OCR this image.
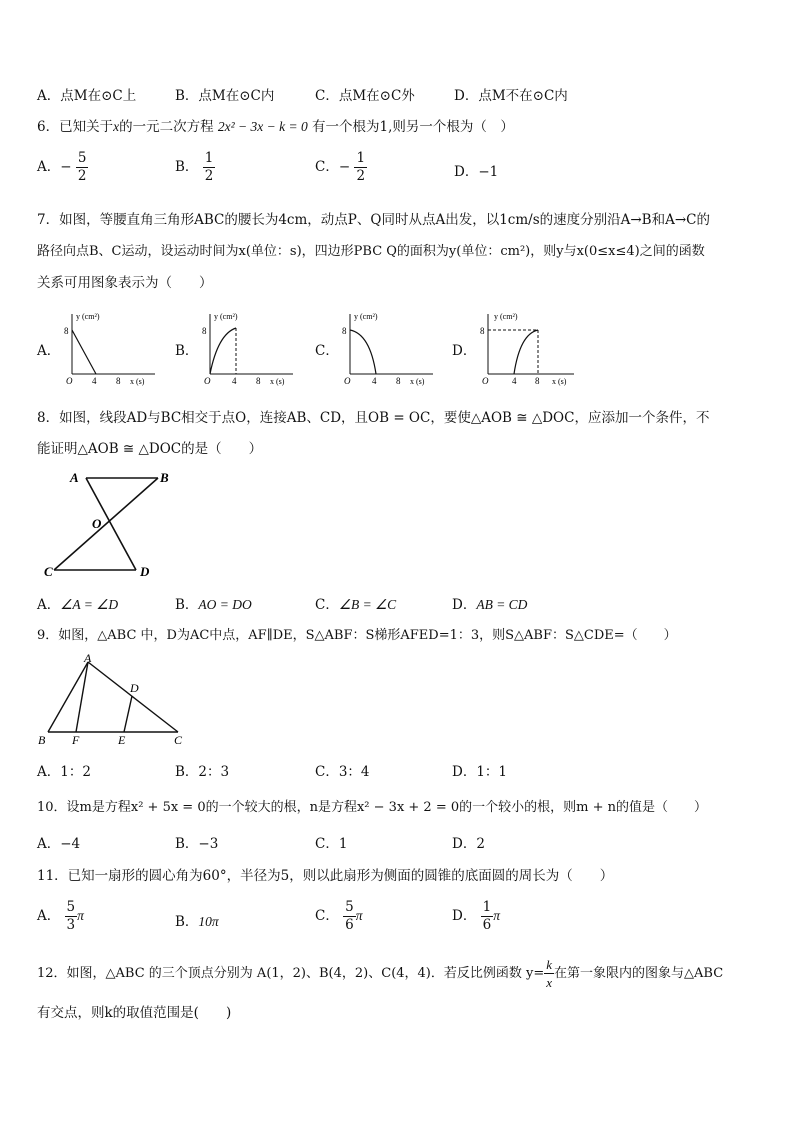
A．点M在⊙C上	B．点M在⊙C内	C．点M在⊙C外	D．点M不在⊙C内
6．已知关于x的一元二次方程 2x² − 3x − k = 0 有一个根为1,则另一个根为（　）
A．− $\frac{5}{2}$	B． $\frac{1}{2}$	C．− $\frac{1}{2}$	D．−1
7．如图，等腰直角三角形ABC的腰长为4cm，动点P、Q同时从点A出发，以1cm/s的速度分别沿A→B和A→C的
路径向点B、C运动，设运动时间为x(单位：s)，四边形PBC Q的面积为y(单位：cm²)，则y与x(0≤x≤4)之间的函数
关系可用图象表示为（　　）
A．	B．	C．	D．
y (cm²)
8
O 4 8 x (s)
y (cm²)
8
O 4 8 x (s)
y (cm²)
8
O 4 8 x (s)
y (cm²)
8
O	4 8 x (s)
8．如图，线段AD与BC相交于点O，连接AB、CD，且OB = OC，要使△AOB ≅ △DOC，应添加一个条件，不
能证明△AOB ≅ △DOC的是（　　）
A	B
O
C	D
A．∠A = ∠D	B．AO = DO	C．∠B = ∠C	D．AB = CD
9．如图，△ABC 中，D为AC中点，AF∥DE，S△ABF：S梯形AFED=1：3，则S△ABF：S△CDE=（　　）
A
B F	E	C
D
A．1：2	B．2：3	C．3：4	D．1：1
10．设m是方程x² + 5x = 0的一个较大的根，n是方程x² − 3x + 2 = 0的一个较小的根，则m + n的值是（　　）
A．−4	B．−3	C．1	D．2
11．已知一扇形的圆心角为60°，半径为5，则以此扇形为侧面的圆锥的底面圆的周长为（　　）
A． $\frac{5}{3}$ π	B．10π	C． $\frac{5}{6}$ π	D． $\frac{1}{6}$ π
12．如图，△ABC 的三个顶点分别为 A(1，2)、B(4，2)、C(4，4)．若反比例函数 $y= \frac{k}{x}$ 在第一象限内的图象与△ABC
有交点，则k的取值范围是(　　)
